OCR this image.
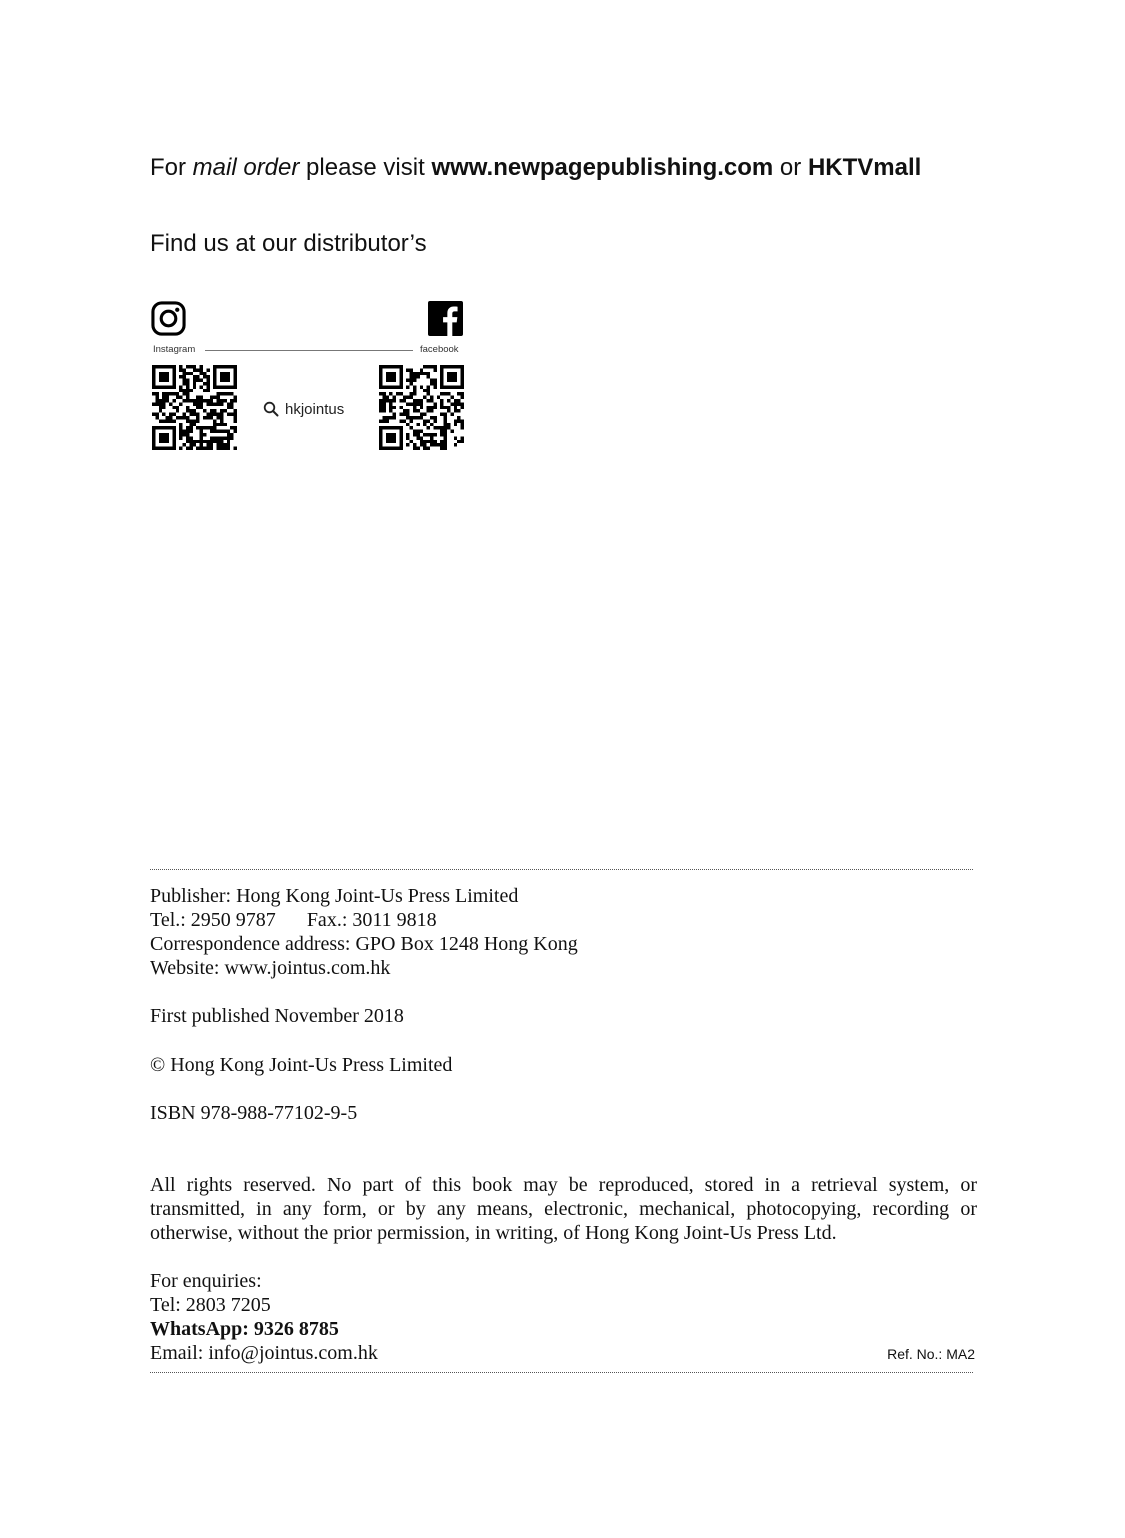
For mail order please visit www.newpagepublishing.com or HKTVmall
Find us at our distributor’s
Instagram	facebook
hkjointus
Publisher: Hong Kong Joint-Us Press Limited
Tel.: 2950 9787 Fax.: 3011 9818
Correspondence address: GPO Box 1248 Hong Kong
Website: www.jointus.com.hk
First published November 2018
© Hong Kong Joint-Us Press Limited
ISBN 978-988-77102-9-5
All rights reserved. No part of this book may be reproduced, stored in a retrieval system, or transmitted, in any form, or by any means, electronic, mechanical, photocopying, recording or otherwise, without the prior permission, in writing, of Hong Kong Joint-Us Press Ltd.
For enquiries:
Tel: 2803 7205
WhatsApp: 9326 8785
Email: info@jointus.com.hk	Ref. No.: MA2
